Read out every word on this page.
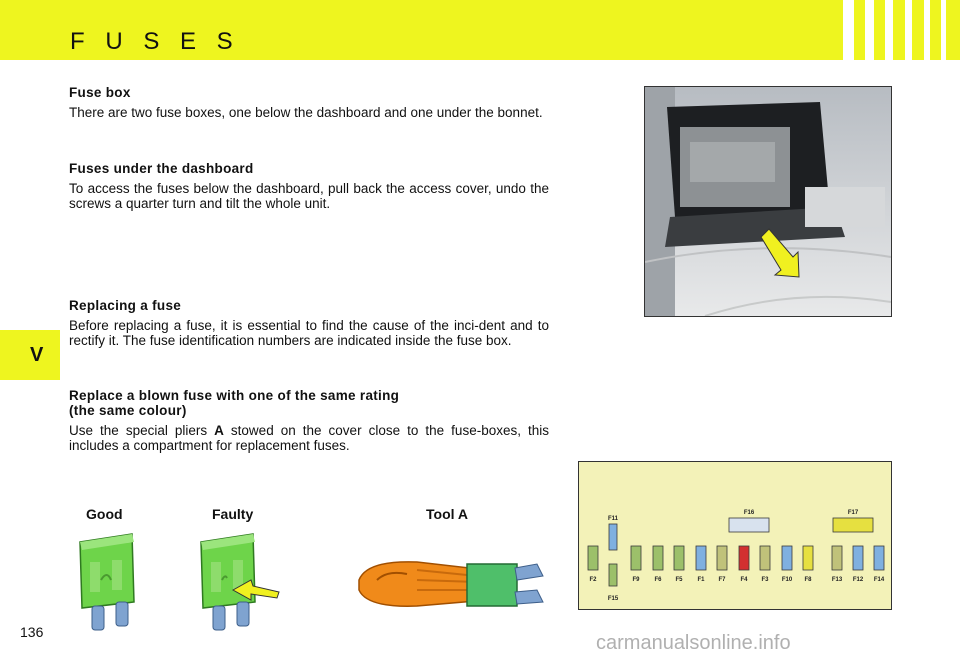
F U S E S
V

Fuse box

There are two fuse boxes, one below the dashboard and one under the bonnet.

Fuses under the dashboard

To access the fuses below the dashboard, pull back the access cover, undo the screws a quarter turn and tilt the whole unit.

Replacing a fuse

Before replacing a fuse, it is essential to find the cause of the inci-dent and to rectify it. The fuse identification numbers are indicated inside the fuse box.

Replace a blown fuse with one of the same rating

(the same colour)

Use the special pliers A stowed on the cover close to the fuse-boxes, this includes a compartment for replacement fuses.

Good	Faulty	Tool A
F2	F9 F6 F5 F1 F7 F4 F3 F10 F8	F13 F12 F14
F11
F15
F16	F17
136	carmanualsonline.info
